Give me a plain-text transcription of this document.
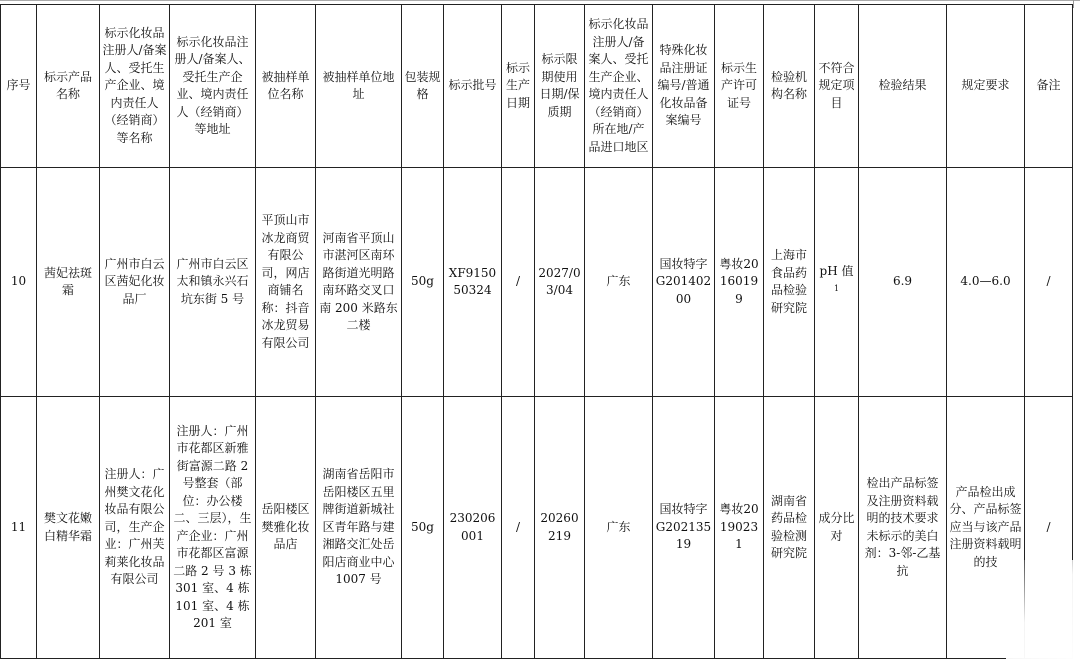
序号	标示产品名称	标示化妆品注册人/备案人、受托生产企业、境内责任人（经销商）等名称	标示化妆品注册人/备案人、受托生产企业、境内责任人（经销商）等地址	被抽样单位名称	被抽样单位地址	包装规格	标示批号	标示生产日期	标示限期使用日期/保质期	标示化妆品注册人/备案人、受托生产企业、境内责任人（经销商）所在地/产品进口地区	特殊化妆品注册证编号/普通化妆品备案编号	标示生产许可证号	检验机构名称	不符合规定项目	检验结果	规定要求	备注
10	茜妃祛斑霜	广州市白云区茜妃化妆品厂	广州市白云区太和镇永兴石坑东街 5 号	平顶山市冰龙商贸有限公司，网店商铺名称：抖音冰龙贸易有限公司	河南省平顶山市湛河区南环路街道光明路南环路交叉口南 200 米路东二楼	50g	XF915050324	/	2027/03/04	广东	国妆特字G20140200	粤妆20160199	上海市食品药品检验研究院	pH 值$^1$	6.9	4.0—6.0	/
11	樊文花嫩白精华霜	注册人：广州樊文花化妆品有限公司，生产企业：广州芙莉莱化妆品有限公司	注册人：广州市花都区新雅街富源二路 2 号整套（部位：办公楼二、三层），生产企业：广州市花都区富源二路 2 号 3 栋 301 室、4 栋 101 室、4 栋 201 室	岳阳楼区樊雅化妆品店	湖南省岳阳市岳阳楼区五里牌街道新城社区青年路与建湘路交汇处岳阳店商业中心 1007 号	50g	230206001	/	20260219	广东	国妆特字G20213519	粤妆20190231	湖南省药品检验检测研究院	成分比对	检出产品标签及注册资料载明的技术要求未标示的美白剂：3-邻-乙基抗	产品检出成分、产品标签应当与该产品注册资料载明的技	/
